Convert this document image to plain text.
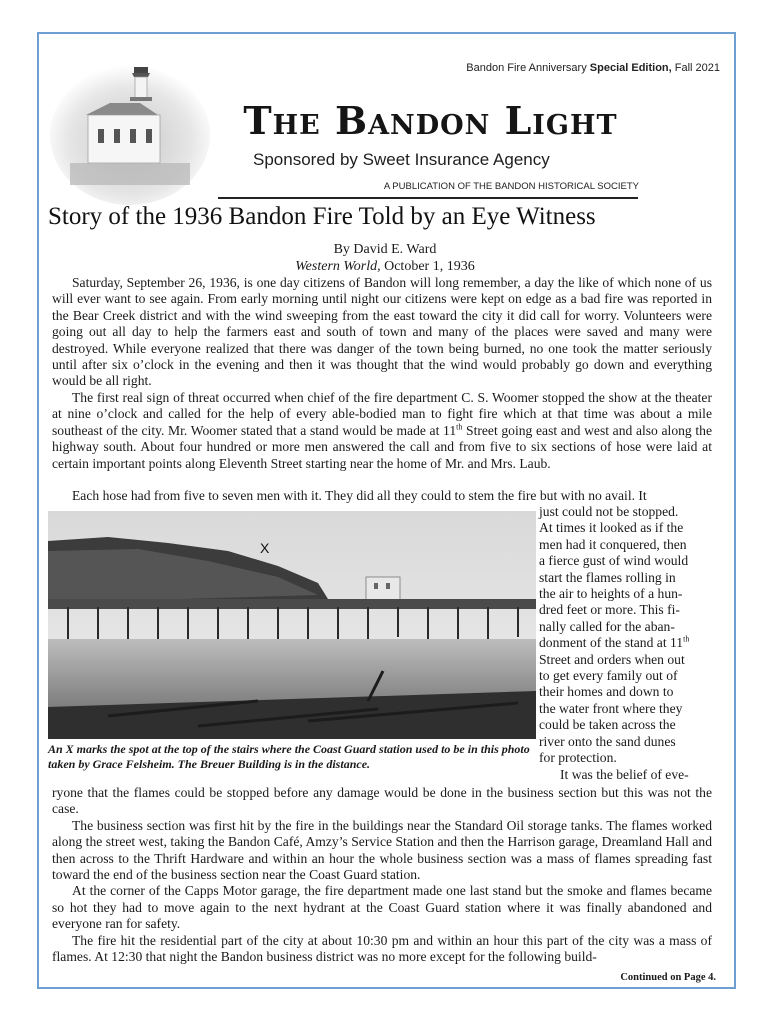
Bandon Fire Anniversary Special Edition, Fall 2021
The Bandon Light
Sponsored by Sweet Insurance Agency
A PUBLICATION OF THE BANDON HISTORICAL SOCIETY
Story of the 1936 Bandon Fire Told by an Eye Witness
By David E. Ward
Western World, October 1, 1936

Saturday, September 26, 1936, is one day citizens of Bandon will long remember, a day the like of which none of us will ever want to see again. From early morning until night our citizens were kept on edge as a bad fire was reported in the Bear Creek district and with the wind sweeping from the east toward the city it did call for worry. Volunteers were going out all day to help the farmers east and south of town and many of the places were saved and many were destroyed. While everyone realized that there was danger of the town being burned, no one took the matter seriously until after six o’clock in the evening and then it was thought that the wind would probably go down and everything would be all right.

The first real sign of threat occurred when chief of the fire department C. S. Woomer stopped the show at the theater at nine o’clock and called for the help of every able-bodied man to fight fire which at that time was about a mile southeast of the city. Mr. Woomer stated that a stand would be made at 11th Street going east and west and also along the highway south. About four hundred or more men answered the call and from five to six sections of hose were laid at certain important points along Eleventh Street starting near the home of Mr. and Mrs. Laub.

Each hose had from five to seven men with it. They did all they could to stem the fire but with no avail. It

X
just could not be stopped.
At times it looked as if the
men had it conquered, then
a fierce gust of wind would
start the flames rolling in
the air to heights of a hun-
dred feet or more. This fi-
nally called for the aban-
donment of the stand at 11th
Street and orders when out
to get every family out of
their homes and down to
the water front where they
could be taken across the
river onto the sand dunes
for protection.
An X marks the spot at the top of the stairs where the Coast Guard station used to be in this photo taken by Grace Felsheim. The Breuer Building is in the distance.
It was the belief of eve-

ryone that the flames could be stopped before any damage would be done in the business section but this was not the case.

The business section was first hit by the fire in the buildings near the Standard Oil storage tanks. The flames worked along the street west, taking the Bandon Café, Amzy’s Service Station and then the Harrison garage, Dreamland Hall and then across to the Thrift Hardware and within an hour the whole business section was a mass of flames spreading fast toward the end of the business section near the Coast Guard station.

At the corner of the Capps Motor garage, the fire department made one last stand but the smoke and flames became so hot they had to move again to the next hydrant at the Coast Guard station where it was finally abandoned and everyone ran for safety.

The fire hit the residential part of the city at about 10:30 pm and within an hour this part of the city was a mass of flames. At 12:30 that night the Bandon business district was no more except for the following build-

Continued on Page 4.
